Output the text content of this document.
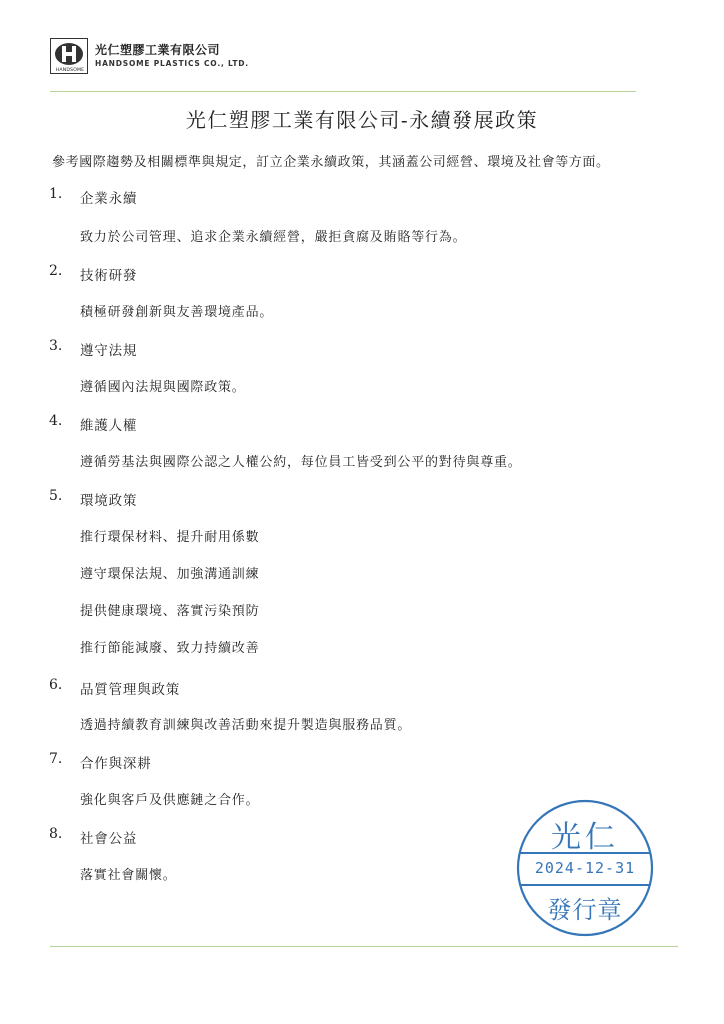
HANDSOME
光仁塑膠工業有限公司
HANDSOME PLASTICS CO., LTD.
光仁塑膠工業有限公司-永續發展政策
參考國際趨勢及相關標準與規定，訂立企業永續政策，其涵蓋公司經營、環境及社會等方面。
1. 企業永續
致力於公司管理、追求企業永續經營，嚴拒貪腐及賄賂等行為。
2. 技術研發
積極研發創新與友善環境產品。
3. 遵守法規
遵循國內法規與國際政策。
4. 維護人權
遵循勞基法與國際公認之人權公約，每位員工皆受到公平的對待與尊重。
5. 環境政策
推行環保材料、提升耐用係數
遵守環保法規、加強溝通訓練
提供健康環境、落實污染預防
推行節能減廢、致力持續改善
6. 品質管理與政策
透過持續教育訓練與改善活動來提升製造與服務品質。
7. 合作與深耕
強化與客戶及供應鏈之合作。
8. 社會公益
落實社會關懷。
光仁
2024-12-31
發行章
